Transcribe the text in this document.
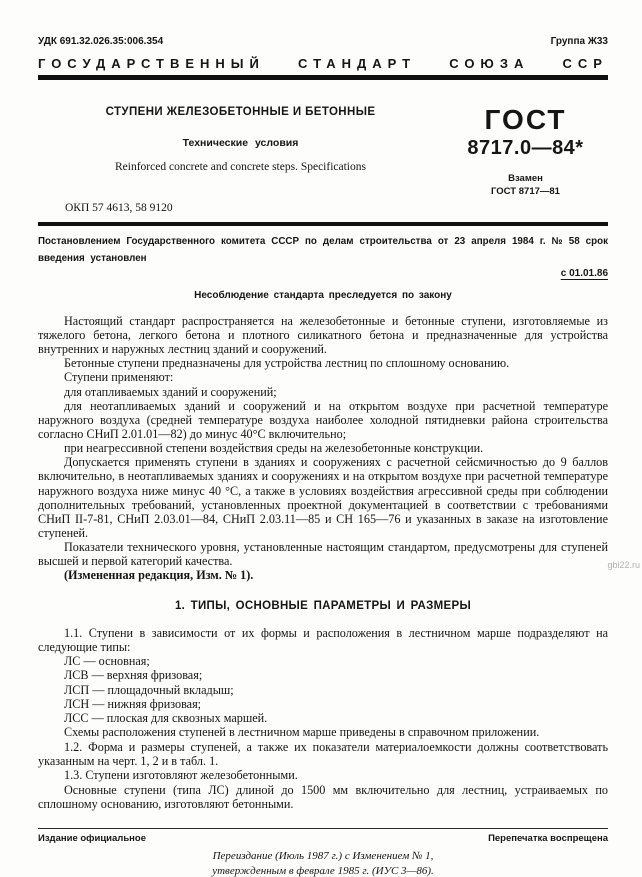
УДК 691.32.026.35:006.354	Группа Ж33
ГОСУДАРСТВЕННЫЙ	СТАНДАРТ	СОЮЗА	ССР
СТУПЕНИ ЖЕЛЕЗОБЕТОННЫЕ И БЕТОННЫЕ
Технические условия
Reinforced concrete and concrete steps. Specifications
ГОСТ
8717.0—84*
Взамен
ГОСТ 8717—81
ОКП 57 4613, 58 9120

Постановлением Государственного комитета СССР по делам строительства от 23 апреля 1984 г. № 58 срок введения установлен

с 01.01.86
Несоблюдение стандарта преследуется по закону

Настоящий стандарт распространяется на железобетонные и бетонные ступени, изготовляемые из тяжелого бетона, легкого бетона и плотного силикатного бетона и предназначенные для устройства внутренних и наружных лестниц зданий и сооружений.

Бетонные ступени предназначены для устройства лестниц по сплошному основанию.

Ступени применяют:

для отапливаемых зданий и сооружений;

для неотапливаемых зданий и сооружений и на открытом воздухе при расчетной температуре наружного воздуха (средней температуре воздуха наиболее холодной пятидневки района строительства согласно СНиП 2.01.01—82) до минус 40°С включительно;

при неагрессивной степени воздействия среды на железобетонные конструкции.

Допускается применять ступени в зданиях и сооружениях с расчетной сейсмичностью до 9 баллов включительно, в неотапливаемых зданиях и сооружениях и на открытом воздухе при расчетной температуре наружного воздуха ниже минус 40 °С, а также в условиях воздействия агрессивной среды при соблюдении дополнительных требований, установленных проектной документацией в соответствии с требованиями СНиП II-7-81, СНиП 2.03.01—84, СНиП 2.03.11—85 и СН 165—76 и указанных в заказе на изготовление ступеней.

Показатели технического уровня, установленные настоящим стандартом, предусмотрены для ступеней высшей и первой категорий качества.

(Измененная редакция, Изм. № 1).

1. ТИПЫ, ОСНОВНЫЕ ПАРАМЕТРЫ И РАЗМЕРЫ

1.1. Ступени в зависимости от их формы и расположения в лестничном марше подразделяют на следующие типы:

ЛС — основная;

ЛСВ — верхняя фризовая;

ЛСП — площадочный вкладыш;

ЛСН — нижняя фризовая;

ЛСС — плоская для сквозных маршей.

Схемы расположения ступеней в лестничном марше приведены в справочном приложении.

1.2. Форма и размеры ступеней, а также их показатели материалоемкости должны соответствовать указанным на черт. 1, 2 и в табл. 1.

1.3. Ступени изготовляют железобетонными.

Основные ступени (типа ЛС) длиной до 1500 мм включительно для лестниц, устраиваемых по сплошному основанию, изготовляют бетонными.

Издание официальное	Перепечатка воспрещена
Переиздание (Июль 1987 г.) с Изменением № 1,
утвержденным в феврале 1985 г. (ИУС 3—86).
gbi22.ru
